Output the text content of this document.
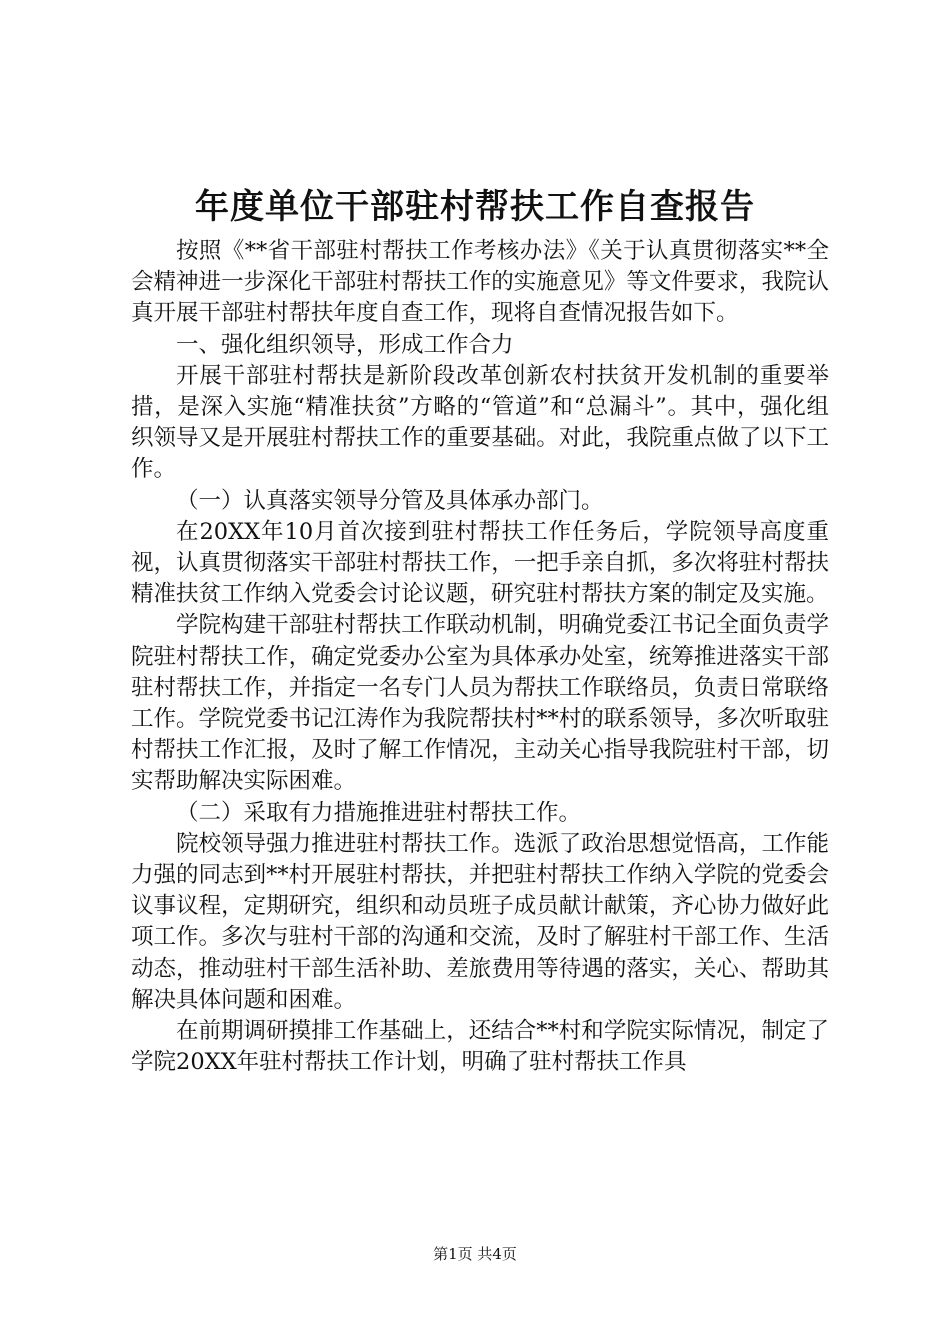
年度单位干部驻村帮扶工作自查报告

按照《**省干部驻村帮扶工作考核办法》《关于认真贯彻落实**全会精神进一步深化干部驻村帮扶工作的实施意见》等文件要求，我院认真开展干部驻村帮扶年度自查工作，现将自查情况报告如下。

一、强化组织领导，形成工作合力

开展干部驻村帮扶是新阶段改革创新农村扶贫开发机制的重要举措，是深入实施“精准扶贫”方略的“管道”和“总漏斗”。其中，强化组织领导又是开展驻村帮扶工作的重要基础。对此，我院重点做了以下工作。

（一）认真落实领导分管及具体承办部门。

在20XX年10月首次接到驻村帮扶工作任务后，学院领导高度重视，认真贯彻落实干部驻村帮扶工作，一把手亲自抓，多次将驻村帮扶精准扶贫工作纳入党委会讨论议题，研究驻村帮扶方案的制定及实施。

学院构建干部驻村帮扶工作联动机制，明确党委江书记全面负责学院驻村帮扶工作，确定党委办公室为具体承办处室，统筹推进落实干部驻村帮扶工作，并指定一名专门人员为帮扶工作联络员，负责日常联络工作。学院党委书记江涛作为我院帮扶村**村的联系领导，多次听取驻村帮扶工作汇报，及时了解工作情况，主动关心指导我院驻村干部，切实帮助解决实际困难。

（二）采取有力措施推进驻村帮扶工作。

院校领导强力推进驻村帮扶工作。选派了政治思想觉悟高，工作能力强的同志到**村开展驻村帮扶，并把驻村帮扶工作纳入学院的党委会议事议程，定期研究，组织和动员班子成员献计献策，齐心协力做好此项工作。多次与驻村干部的沟通和交流，及时了解驻村干部工作、生活动态，推动驻村干部生活补助、差旅费用等待遇的落实，关心、帮助其解决具体问题和困难。

在前期调研摸排工作基础上，还结合**村和学院实际情况，制定了学院20XX年驻村帮扶工作计划，明确了驻村帮扶工作具

第1页 共4页
